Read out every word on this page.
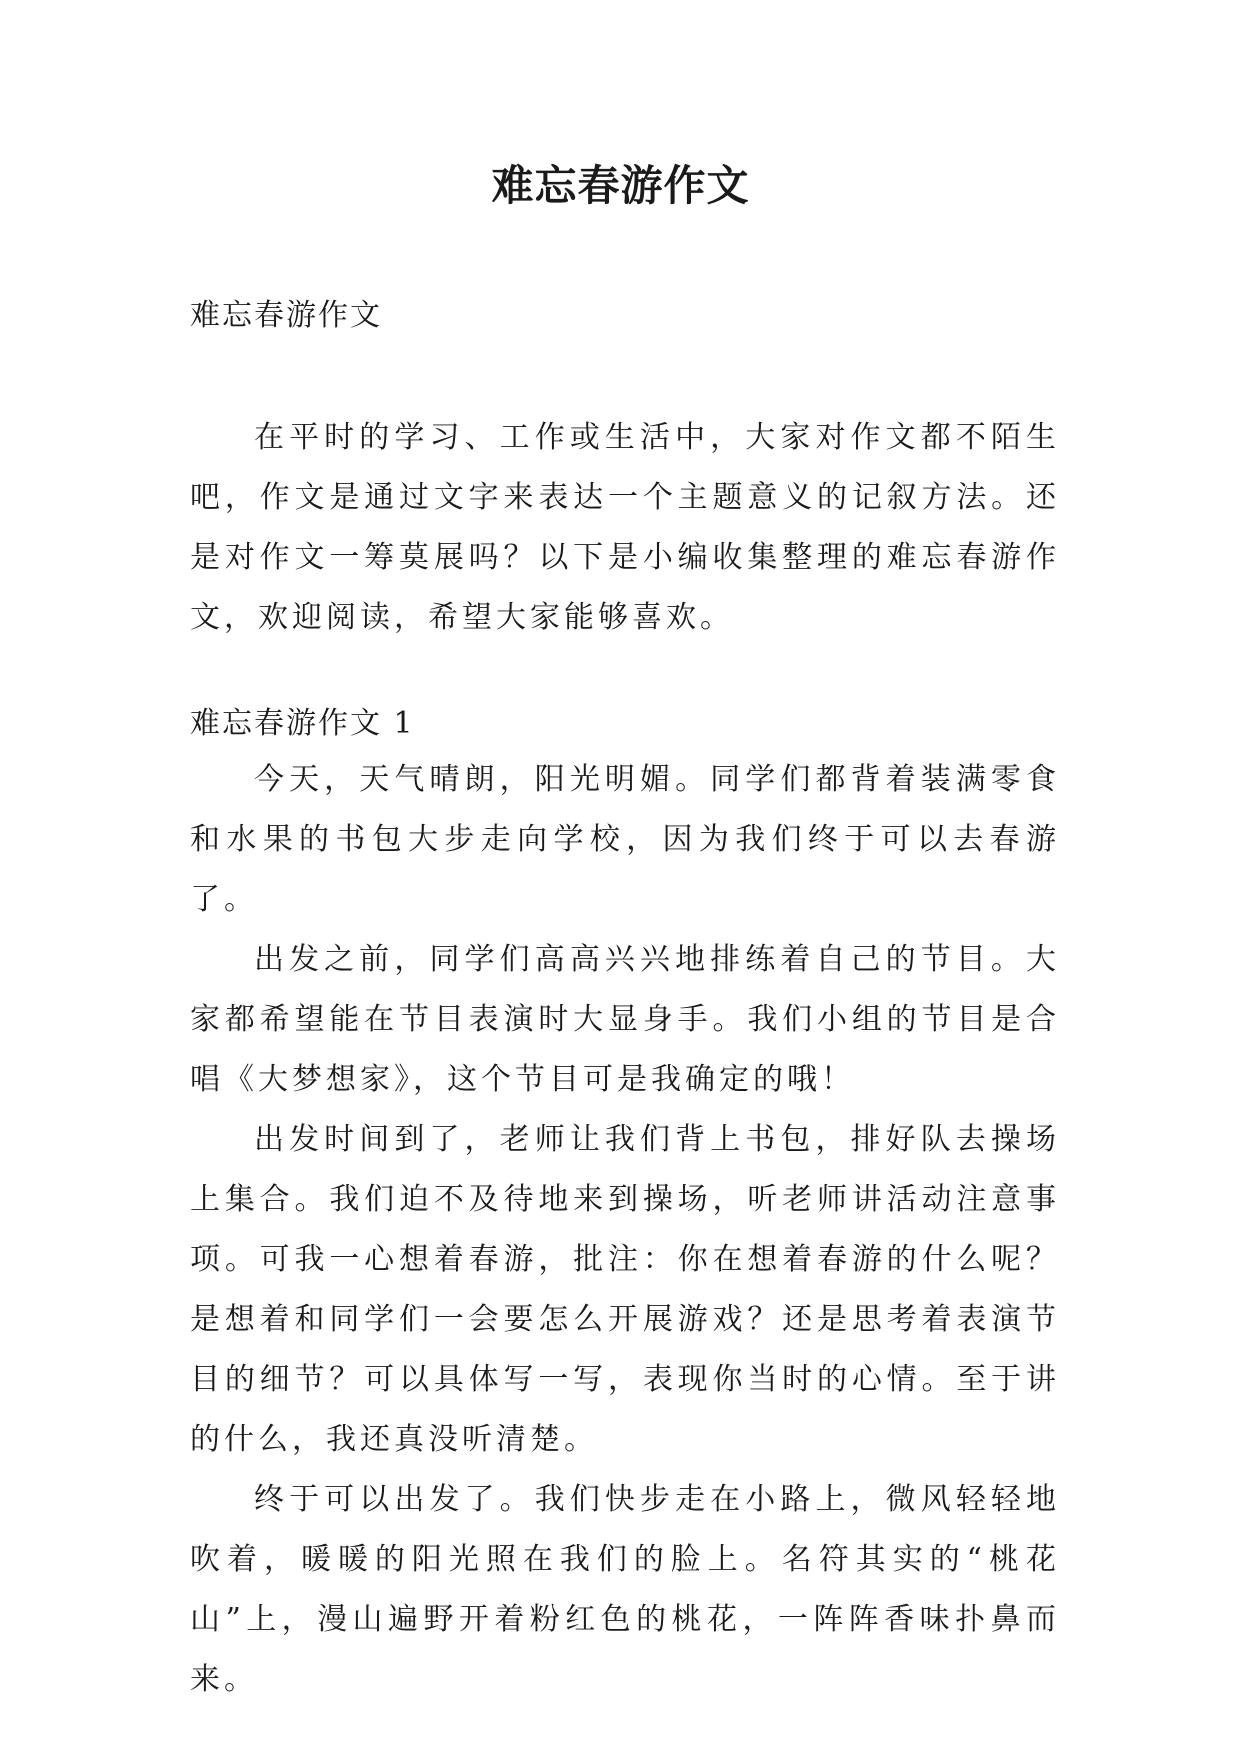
难忘春游作文

难忘春游作文

在平时的学习、工作或生活中，大家对作文都不陌生吧，作文是通过文字来表达一个主题意义的记叙方法。还是对作文一筹莫展吗？以下是小编收集整理的难忘春游作文，欢迎阅读，希望大家能够喜欢。

难忘春游作文 1

今天，天气晴朗，阳光明媚。同学们都背着装满零食和水果的书包大步走向学校，因为我们终于可以去春游了。

出发之前，同学们高高兴兴地排练着自己的节目。大家都希望能在节目表演时大显身手。我们小组的节目是合唱《大梦想家》，这个节目可是我确定的哦！

出发时间到了，老师让我们背上书包，排好队去操场上集合。我们迫不及待地来到操场，听老师讲活动注意事项。可我一心想着春游，批注：你在想着春游的什么呢？是想着和同学们一会要怎么开展游戏？还是思考着表演节目的细节？可以具体写一写，表现你当时的心情。至于讲的什么，我还真没听清楚。

终于可以出发了。我们快步走在小路上，微风轻轻地吹着，暖暖的阳光照在我们的脸上。名符其实的“桃花山”上，漫山遍野开着粉红色的桃花，一阵阵香味扑鼻而来。
